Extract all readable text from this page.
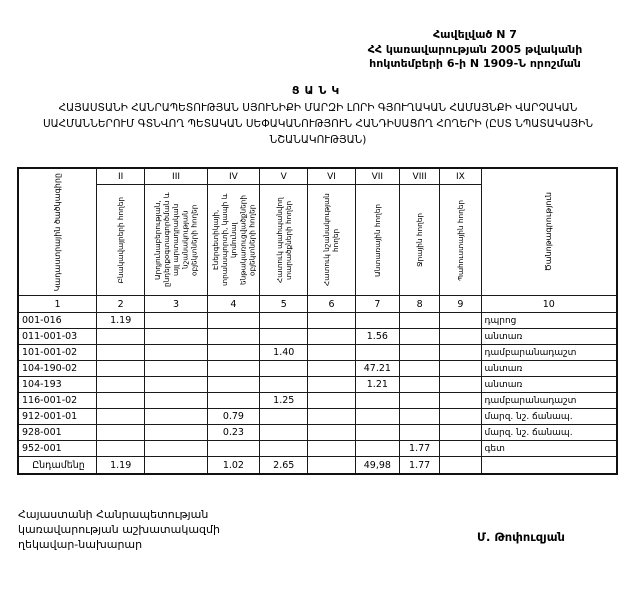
Հավելված N 7
ՀՀ կառավարության 2005 թվականի
հոկտեմբերի 6-ի N 1909-Ն որոշման
ՑԱՆԿ
ՀԱՅԱՍՏԱՆԻ ՀԱՆՐԱՊԵՏՈՒԹՅԱՆ ՍՅՈՒՆԻՔԻ ՄԱՐԶԻ ԼՈՐԻ ԳՅՈՒՂԱԿԱՆ ՀԱՄԱՅՆՔԻ ՎԱՐՉԱԿԱՆ ՍԱՀՄԱՆՆԵՐՈՒՄ ԳՏՆՎՈՂ ՊԵՏԱԿԱՆ ՍԵՓԱԿԱՆՈՒԹՅՈՒՆ ՀԱՆԴԻՍԱՑՈՂ ՀՈՂԵՐԻ (ԸՍՏ ՆՊԱՏԱԿԱՅԻՆ ՆՇԱՆԱԿՈՒԹՅԱՆ)
Կադաստրային ծածկագիրը	II	III	IV	V	VI	VII	VIII	IX	Ծանոթագրություն

	Բնակավայրերի հողեր	Արդյունաբերության, ընդերքօգտագործման և այլ արտադրական նշանակության օբյեկտների հողեր	Էներգետիկայի, տրանսպորտի, կապի և կոմունալ ենթակառուցվածքների օբյեկտների հողեր	Հատուկ պահպանվող տարածքների հողեր	Հատուկ նշանակության հողեր	Անտառային հողեր	Ջրային հողեր	Պահուստային հողեր	

1	2	3	4	5	6	7	8	9	10
001-016	1.19								դպրոց
011-001-03						1.56			անտառ
101-001-02				1.40					դամբարանադաշտ
104-190-02						47.21			անտառ
104-193						1.21			անտառ
116-001-02				1.25					դամբարանադաշտ
912-001-01			0.79						մարզ. նշ. ճանապ.
928-001			0.23						մարզ. նշ. ճանապ.
952-001							1.77		գետ
Ընդամենը	1.19		1.02	2.65		49,98	1.77		
Հայաստանի Հանրապետության
կառավարության աշխատակազմի
ղեկավար-նախարար
Մ. Թոփուզյան
